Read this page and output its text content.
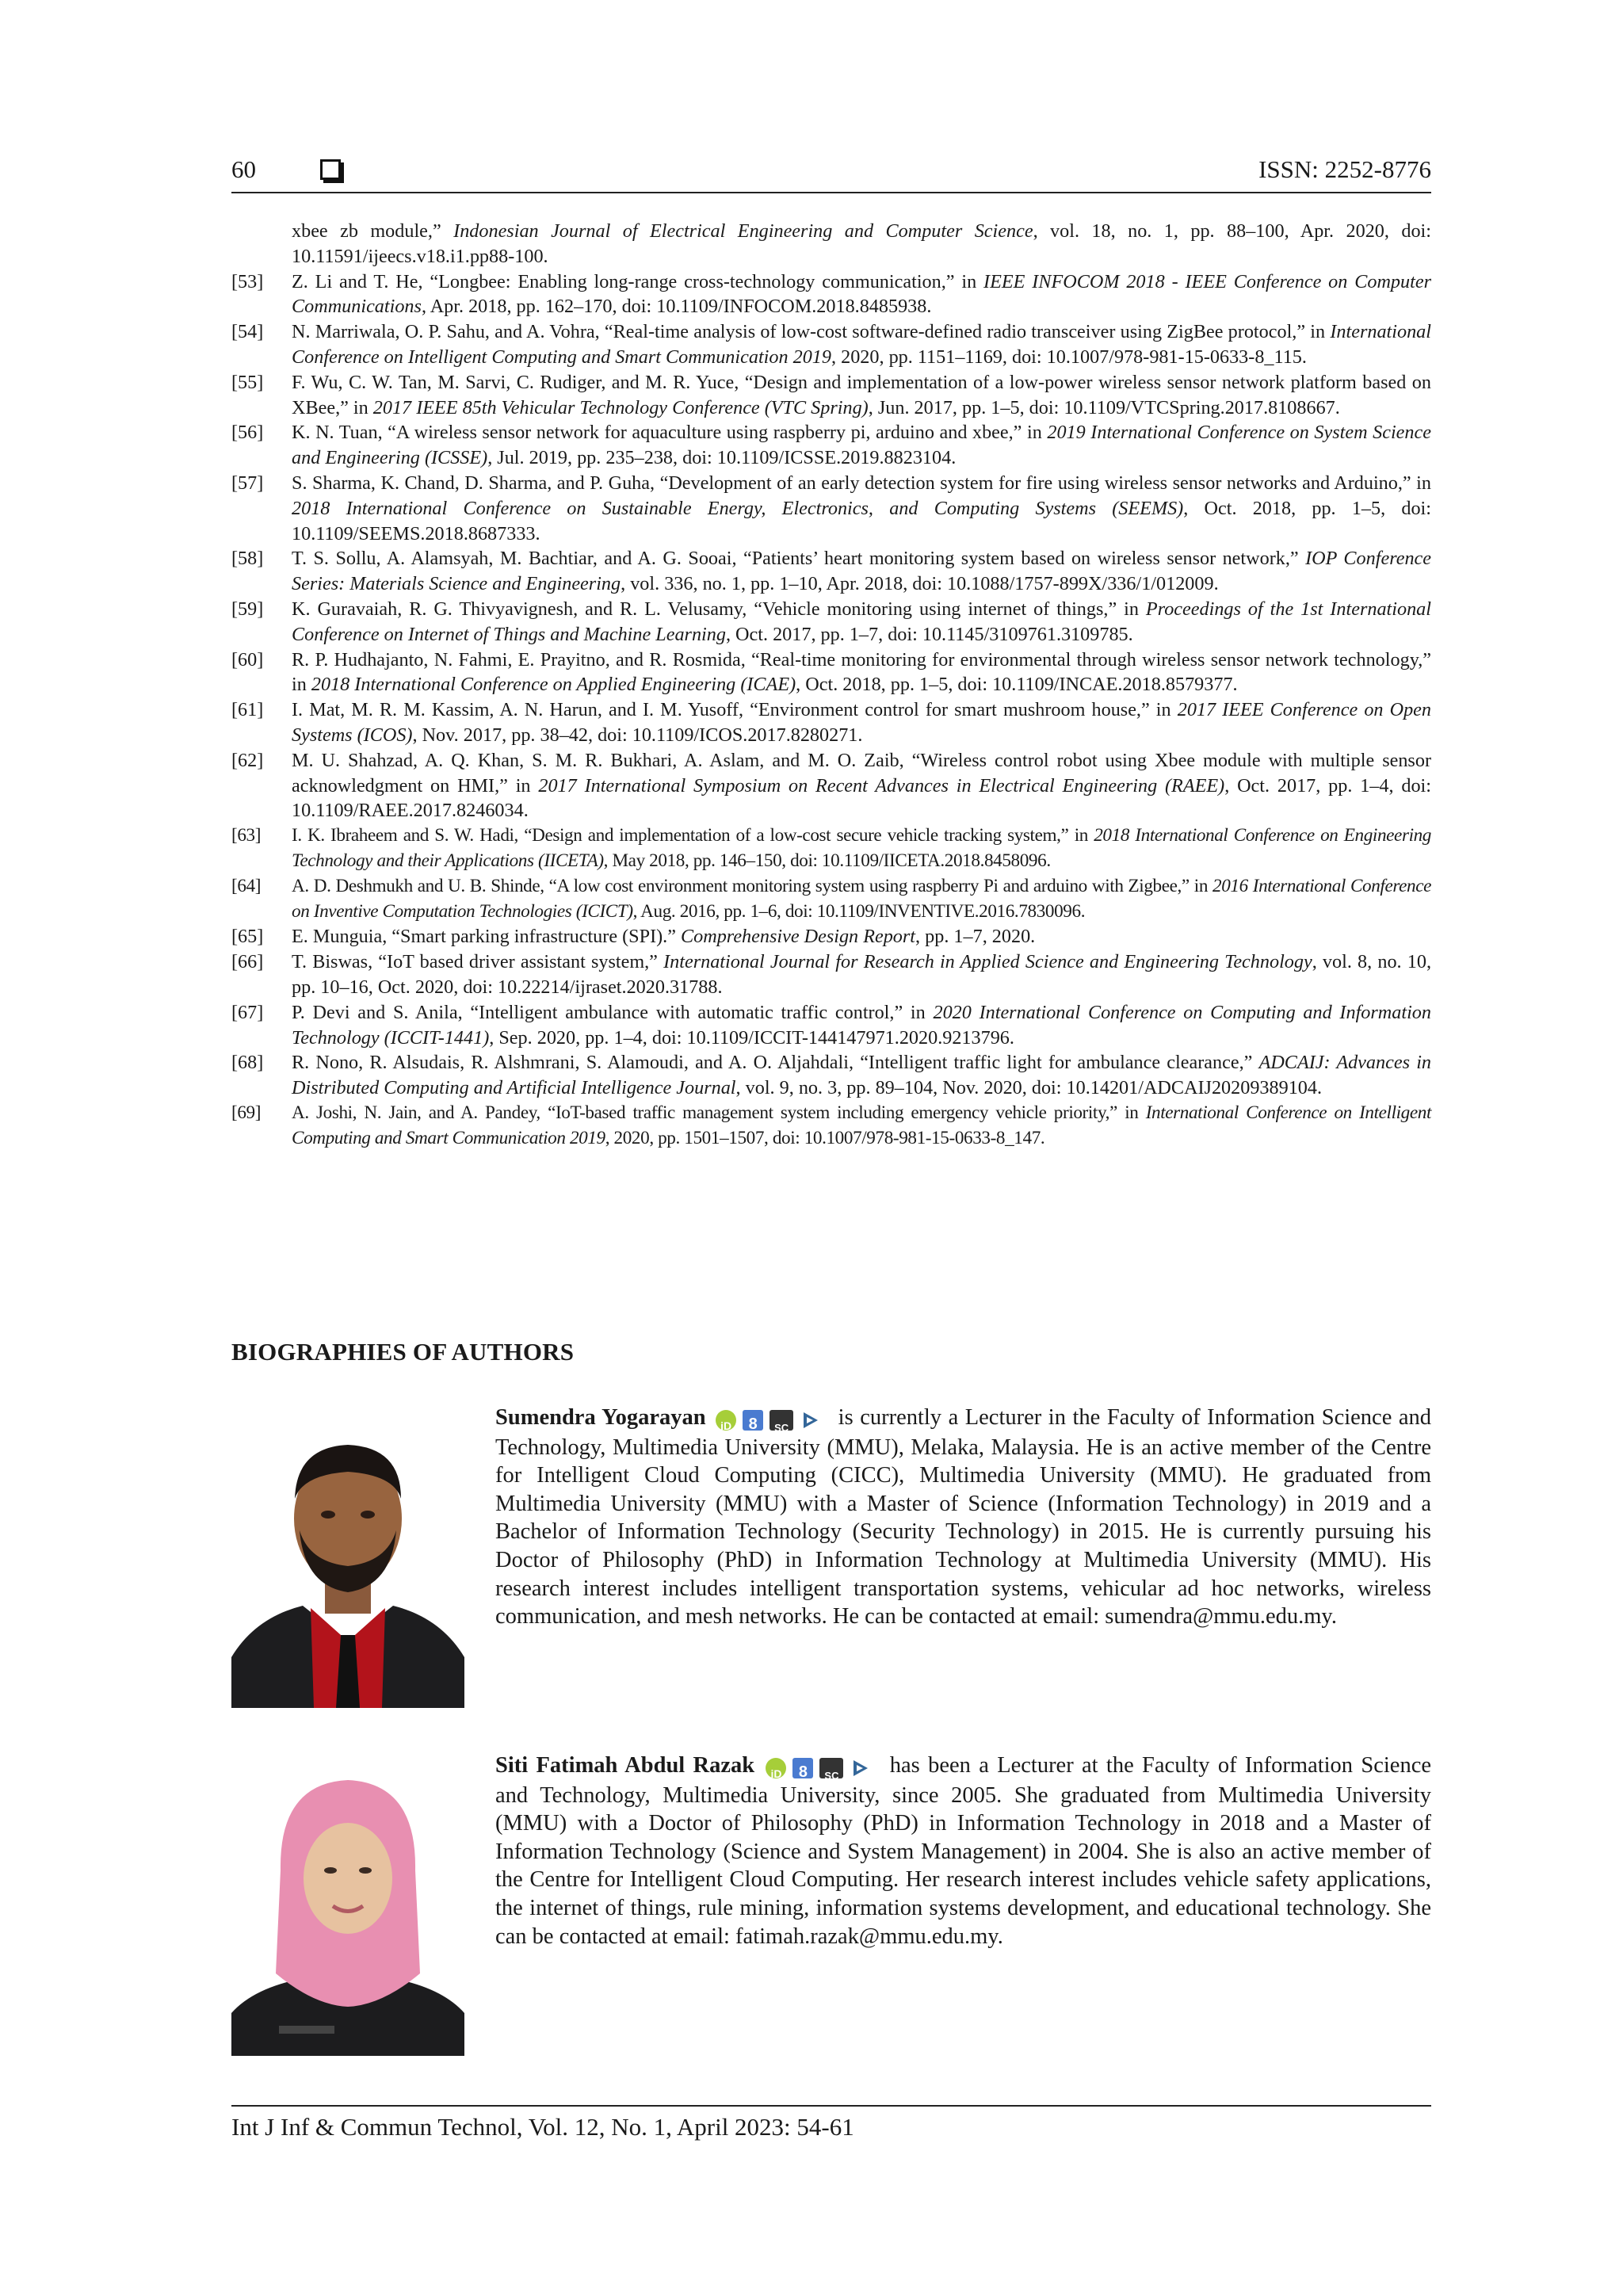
60	ISSN: 2252-8776
xbee zb module,” Indonesian Journal of Electrical Engineering and Computer Science, vol. 18, no. 1, pp. 88–100, Apr. 2020, doi: 10.11591/ijeecs.v18.i1.pp88-100.
[53] Z. Li and T. He, “Longbee: Enabling long-range cross-technology communication,” in IEEE INFOCOM 2018 - IEEE Conference on Computer Communications, Apr. 2018, pp. 162–170, doi: 10.1109/INFOCOM.2018.8485938.
[54] N. Marriwala, O. P. Sahu, and A. Vohra, “Real-time analysis of low-cost software-defined radio transceiver using ZigBee protocol,” in International Conference on Intelligent Computing and Smart Communication 2019, 2020, pp. 1151–1169, doi: 10.1007/978-981-15-0633-8_115.
[55] F. Wu, C. W. Tan, M. Sarvi, C. Rudiger, and M. R. Yuce, “Design and implementation of a low-power wireless sensor network platform based on XBee,” in 2017 IEEE 85th Vehicular Technology Conference (VTC Spring), Jun. 2017, pp. 1–5, doi: 10.1109/VTCSpring.2017.8108667.
[56] K. N. Tuan, “A wireless sensor network for aquaculture using raspberry pi, arduino and xbee,” in 2019 International Conference on System Science and Engineering (ICSSE), Jul. 2019, pp. 235–238, doi: 10.1109/ICSSE.2019.8823104.
[57] S. Sharma, K. Chand, D. Sharma, and P. Guha, “Development of an early detection system for fire using wireless sensor networks and Arduino,” in 2018 International Conference on Sustainable Energy, Electronics, and Computing Systems (SEEMS), Oct. 2018, pp. 1–5, doi: 10.1109/SEEMS.2018.8687333.
[58] T. S. Sollu, A. Alamsyah, M. Bachtiar, and A. G. Sooai, “Patients’ heart monitoring system based on wireless sensor network,” IOP Conference Series: Materials Science and Engineering, vol. 336, no. 1, pp. 1–10, Apr. 2018, doi: 10.1088/1757-899X/336/1/012009.
[59] K. Guravaiah, R. G. Thivyavignesh, and R. L. Velusamy, “Vehicle monitoring using internet of things,” in Proceedings of the 1st International Conference on Internet of Things and Machine Learning, Oct. 2017, pp. 1–7, doi: 10.1145/3109761.3109785.
[60] R. P. Hudhajanto, N. Fahmi, E. Prayitno, and R. Rosmida, “Real-time monitoring for environmental through wireless sensor network technology,” in 2018 International Conference on Applied Engineering (ICAE), Oct. 2018, pp. 1–5, doi: 10.1109/INCAE.2018.8579377.
[61] I. Mat, M. R. M. Kassim, A. N. Harun, and I. M. Yusoff, “Environment control for smart mushroom house,” in 2017 IEEE Conference on Open Systems (ICOS), Nov. 2017, pp. 38–42, doi: 10.1109/ICOS.2017.8280271.
[62] M. U. Shahzad, A. Q. Khan, S. M. R. Bukhari, A. Aslam, and M. O. Zaib, “Wireless control robot using Xbee module with multiple sensor acknowledgment on HMI,” in 2017 International Symposium on Recent Advances in Electrical Engineering (RAEE), Oct. 2017, pp. 1–4, doi: 10.1109/RAEE.2017.8246034.
[63] I. K. Ibraheem and S. W. Hadi, “Design and implementation of a low-cost secure vehicle tracking system,” in 2018 International Conference on Engineering Technology and their Applications (IICETA), May 2018, pp. 146–150, doi: 10.1109/IICETA.2018.8458096.
[64] A. D. Deshmukh and U. B. Shinde, “A low cost environment monitoring system using raspberry Pi and arduino with Zigbee,” in 2016 International Conference on Inventive Computation Technologies (ICICT), Aug. 2016, pp. 1–6, doi: 10.1109/INVENTIVE.2016.7830096.
[65] E. Munguia, “Smart parking infrastructure (SPI).” Comprehensive Design Report, pp. 1–7, 2020.
[66] T. Biswas, “IoT based driver assistant system,” International Journal for Research in Applied Science and Engineering Technology, vol. 8, no. 10, pp. 10–16, Oct. 2020, doi: 10.22214/ijraset.2020.31788.
[67] P. Devi and S. Anila, “Intelligent ambulance with automatic traffic control,” in 2020 International Conference on Computing and Information Technology (ICCIT-1441), Sep. 2020, pp. 1–4, doi: 10.1109/ICCIT-144147971.2020.9213796.
[68] R. Nono, R. Alsudais, R. Alshmrani, S. Alamoudi, and A. O. Aljahdali, “Intelligent traffic light for ambulance clearance,” ADCAIJ: Advances in Distributed Computing and Artificial Intelligence Journal, vol. 9, no. 3, pp. 89–104, Nov. 2020, doi: 10.14201/ADCAIJ20209389104.
[69] A. Joshi, N. Jain, and A. Pandey, “IoT-based traffic management system including emergency vehicle priority,” in International Conference on Intelligent Computing and Smart Communication 2019, 2020, pp. 1501–1507, doi: 10.1007/978-981-15-0633-8_147.
BIOGRAPHIES OF AUTHORS
Sumendra Yogarayan iD 8 SC	is currently a Lecturer in the Faculty of Information Science and Technology, Multimedia University (MMU), Melaka, Malaysia. He is an active member of the Centre for Intelligent Cloud Computing (CICC), Multimedia University (MMU). He graduated from Multimedia University (MMU) with a Master of Science (Information Technology) in 2019 and a Bachelor of Information Technology (Security Technology) in 2015. He is currently pursuing his Doctor of Philosophy (PhD) in Information Technology at Multimedia University (MMU). His research interest includes intelligent transportation systems, vehicular ad hoc networks, wireless communication, and mesh networks. He can be contacted at email: sumendra@mmu.edu.my.
Siti Fatimah Abdul Razak iD 8 SC	has been a Lecturer at the Faculty of Information Science and Technology, Multimedia University, since 2005. She graduated from Multimedia University (MMU) with a Doctor of Philosophy (PhD) in Information Technology in 2018 and a Master of Information Technology (Science and System Management) in 2004. She is also an active member of the Centre for Intelligent Cloud Computing. Her research interest includes vehicle safety applications, the internet of things, rule mining, information systems development, and educational technology. She can be contacted at email: fatimah.razak@mmu.edu.my.
Int J Inf & Commun Technol, Vol. 12, No. 1, April 2023: 54-61
